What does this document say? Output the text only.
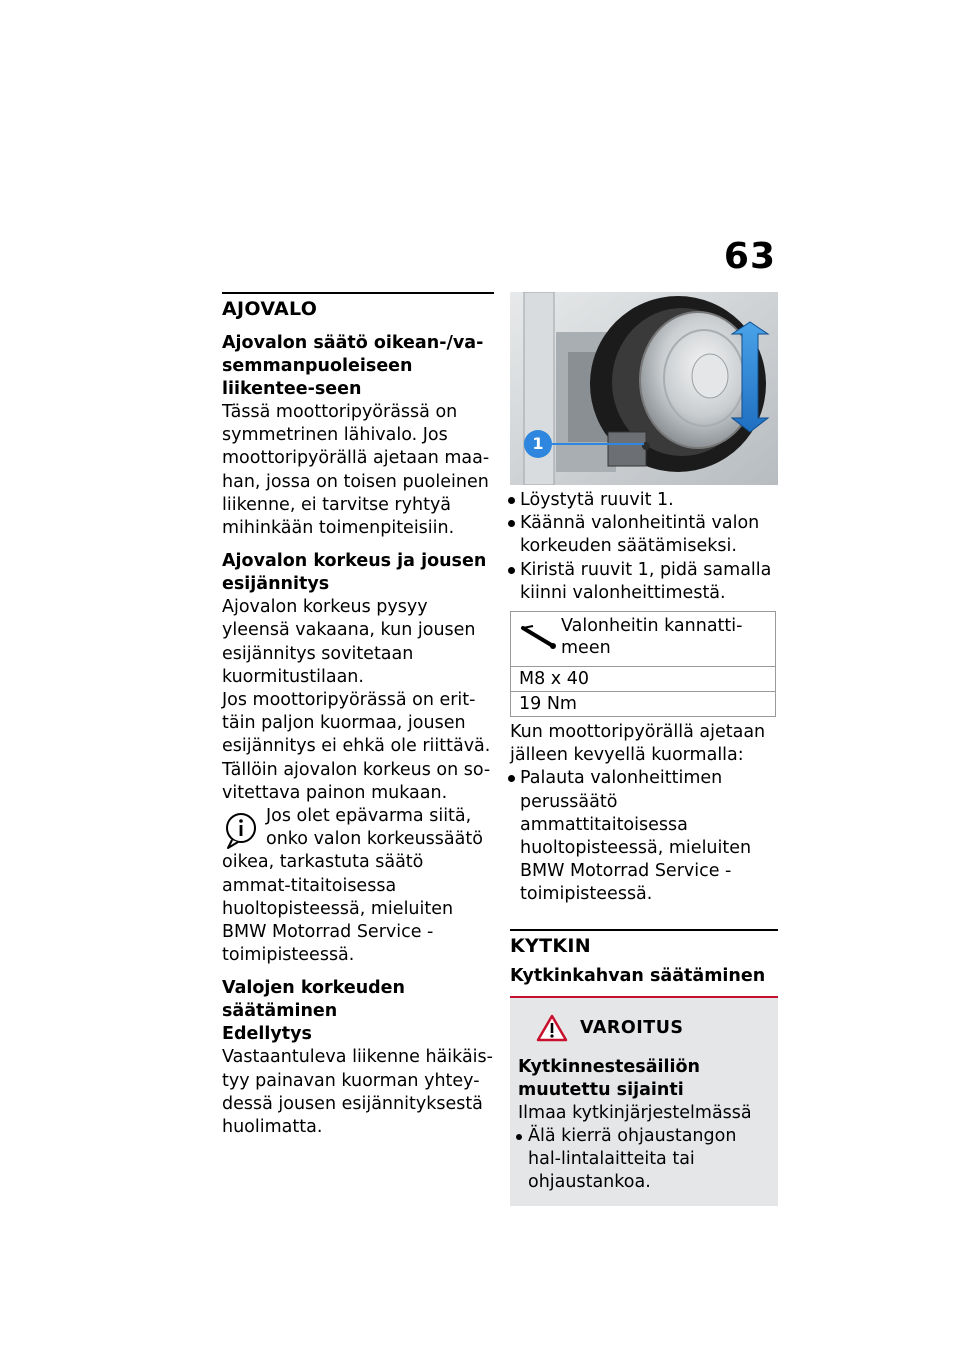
63
AJOVALO

Ajovalon säätö oikean-/va-semmanpuoleiseen liikentee-seen

Tässä moottoripyörässä on symmetrinen lähivalo. Jos moottoripyörällä ajetaan maa-han, jossa on toisen puoleinen liikenne, ei tarvitse ryhtyä mihinkään toimenpiteisiin.

Ajovalon korkeus ja jousen esijännitys

Ajovalon korkeus pysyy yleensä vakaana, kun jousen esijännitys sovitetaan kuormitustilaan.

Jos moottoripyörässä on erit-täin paljon kuormaa, jousen esijännitys ei ehkä ole riittävä. Tällöin ajovalon korkeus on so-vitettava painon mukaan.

Jos olet epävarma siitä,

onko valon korkeussäätö

oikea, tarkastuta säätö ammat-titaitoisessa huoltopisteessä, mieluiten BMW Motorrad Service -toimipisteessä.

Valojen korkeuden säätäminen

Edellytys

Vastaantuleva liikenne häikäis-tyy painavan kuorman yhtey-dessä jousen esijännityksestä huolimatta.

1
Löystytä ruuvit 1.
Käännä valonheitintä valon korkeuden säätämiseksi.
Kiristä ruuvit 1, pidä samalla kiinni valonheittimestä.
Valonheitin kannatti-meen
M8 x 40
19 Nm

Kun moottoripyörällä ajetaan jälleen kevyellä kuormalla:

Palauta valonheittimen perussäätö ammattitaitoisessa huoltopisteessä, mieluiten BMW Motorrad Service -toimipisteessä.
KYTKIN

Kytkinkahvan säätäminen

VAROITUS

Kytkinnestesäiliön muutettu sijainti

Ilmaa kytkinjärjestelmässä

Älä kierrä ohjaustangon hal-lintalaitteita tai ohjaustankoa.
